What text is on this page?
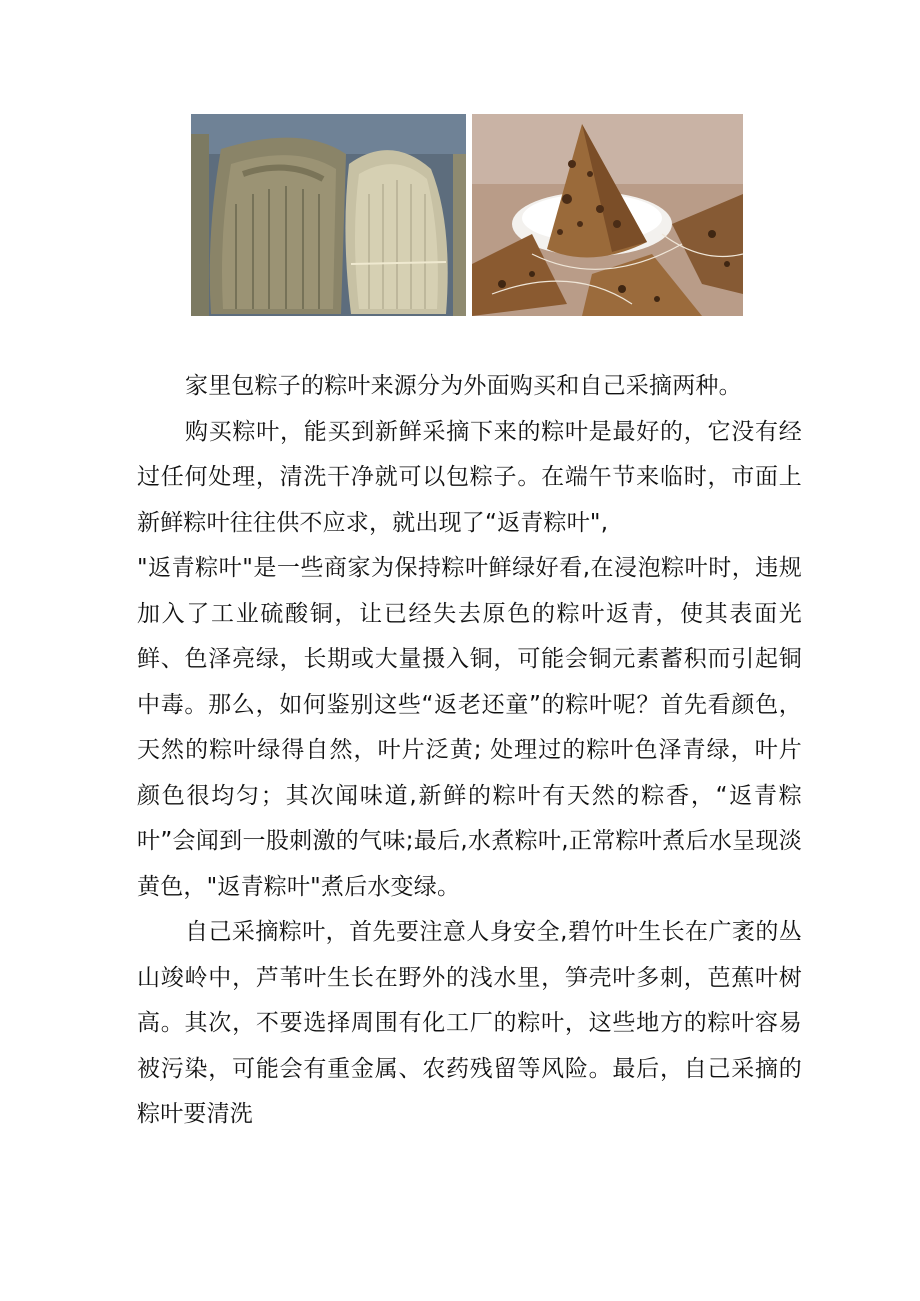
家里包粽子的粽叶来源分为外面购买和自己采摘两种。

购买粽叶，能买到新鲜采摘下来的粽叶是最好的，它没有经过任何处理，清洗干净就可以包粽子。在端午节来临时，市面上新鲜粽叶往往供不应求，就出现了“返青粽叶",

"返青粽叶"是一些商家为保持粽叶鲜绿好看,在浸泡粽叶时，违规加入了工业硫酸铜，让已经失去原色的粽叶返青，使其表面光鲜、色泽亮绿，长期或大量摄入铜，可能会铜元素蓄积而引起铜中毒。那么，如何鉴别这些“返老还童”的粽叶呢？首先看颜色，天然的粽叶绿得自然，叶片泛黄; 处理过的粽叶色泽青绿，叶片颜色很均匀；其次闻味道,新鲜的粽叶有天然的粽香，“返青粽叶”会闻到一股刺激的气味;最后,水煮粽叶,正常粽叶煮后水呈现淡黄色，"返青粽叶"煮后水变绿。

自己采摘粽叶，首先要注意人身安全,碧竹叶生长在广袤的丛山竣岭中，芦苇叶生长在野外的浅水里，笋壳叶多刺，芭蕉叶树高。其次，不要选择周围有化工厂的粽叶，这些地方的粽叶容易被污染，可能会有重金属、农药残留等风险。最后，自己采摘的粽叶要清洗
